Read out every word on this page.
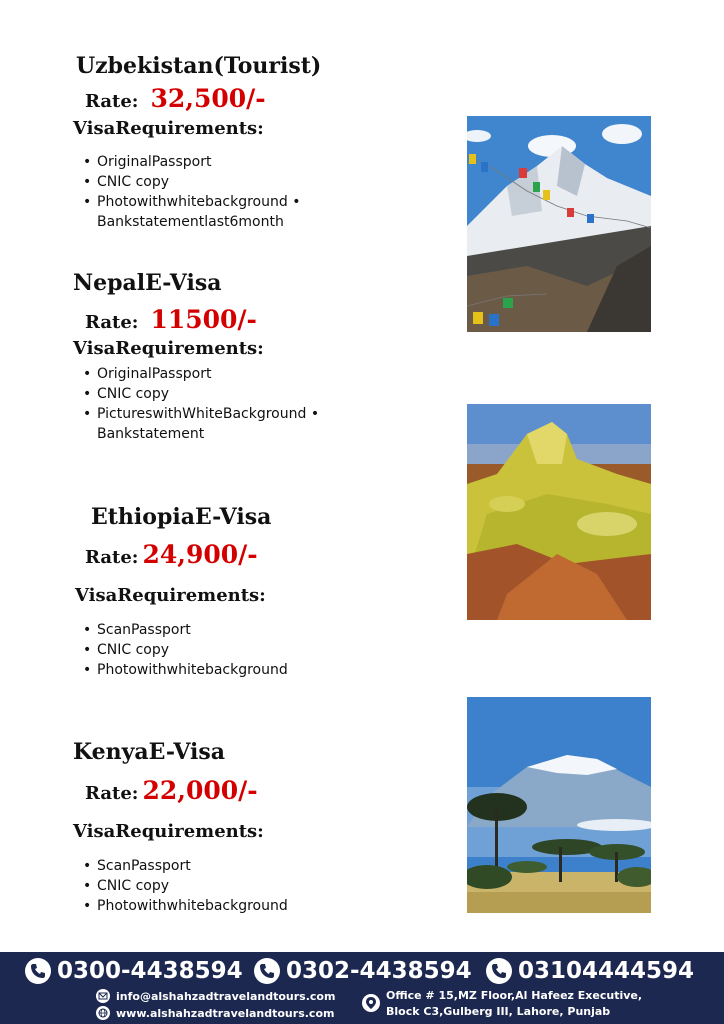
Uzbekistan(Tourist)
Rate: 32,500/-
VisaRequirements:
• OriginalPassport
• CNIC copy
• Photowithwhitebackground •
Bankstatementlast6month
NepalE-Visa
Rate: 11500/-
VisaRequirements:
• OriginalPassport
• CNIC copy
• PictureswithWhiteBackground •
Bankstatement
EthiopiaE-Visa
Rate: 24,900/-
VisaRequirements:
• ScanPassport
• CNIC copy
• Photowithwhitebackground
KenyaE-Visa
Rate: 22,000/-
VisaRequirements:
• ScanPassport
• CNIC copy
• Photowithwhitebackground
0300-4438594 0302-4438594 03104444594
info@alshahzadtravelandtours.com
www.alshahzadtravelandtours.com
Office # 15,MZ Floor,Al Hafeez Executive,
Block C3,Gulberg III, Lahore, Punjab
